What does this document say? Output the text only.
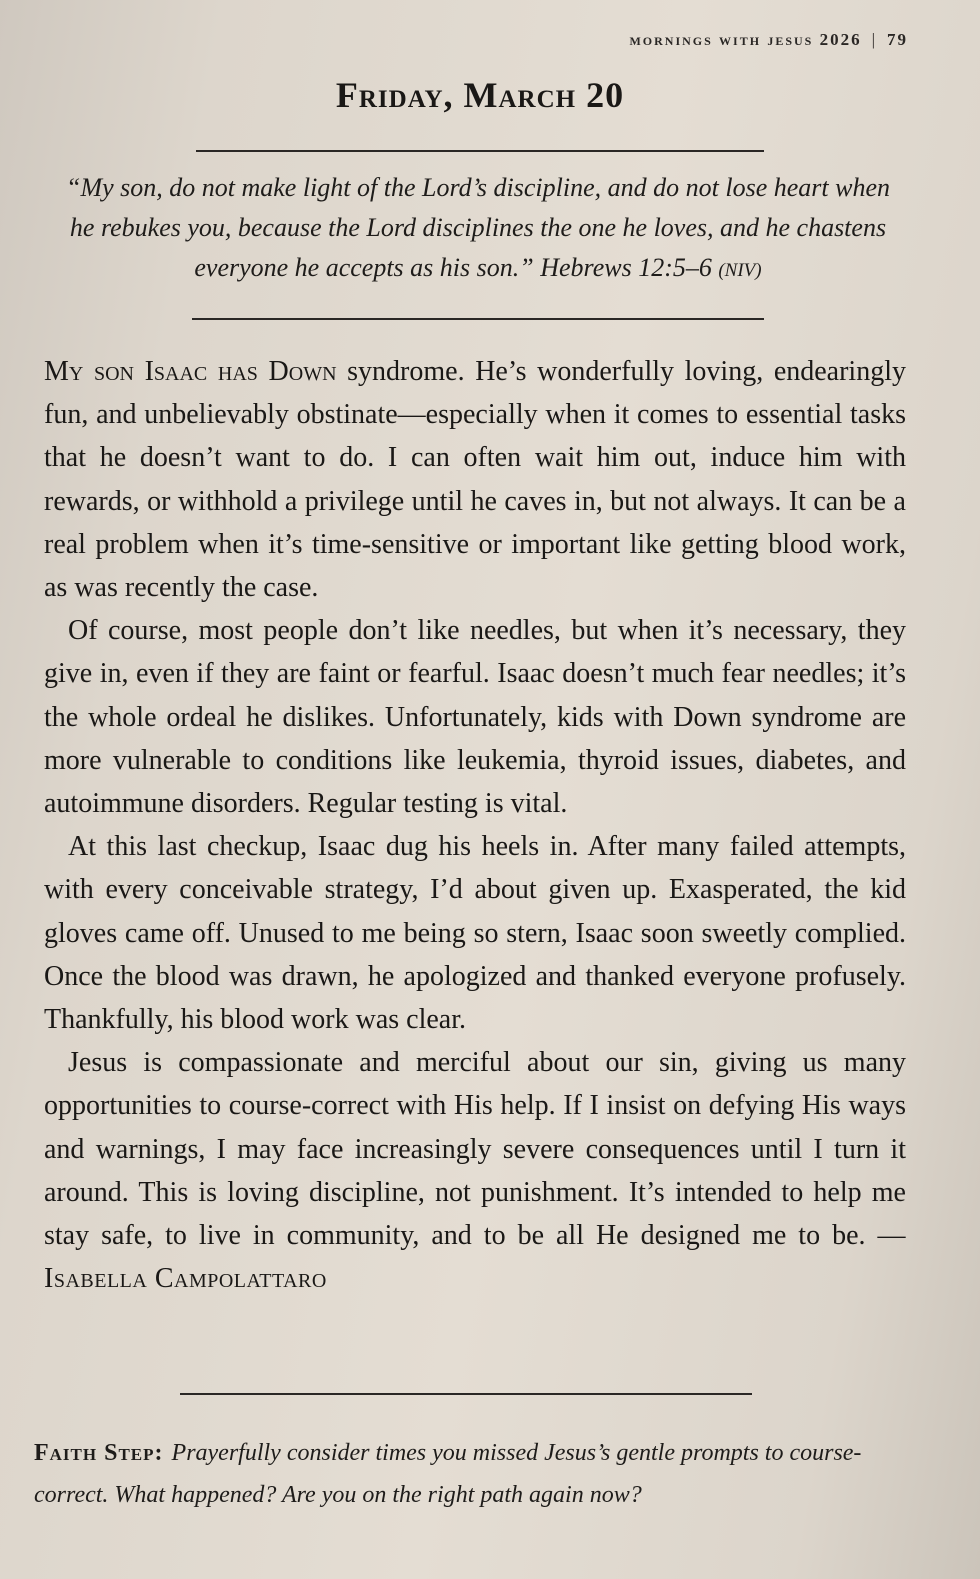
mornings with jesus 2026 | 79
Friday, March 20
“My son, do not make light of the Lord’s discipline, and do not lose heart when he rebukes you, because the Lord disciplines the one he loves, and he chastens everyone he accepts as his son.” Hebrews 12:5–6 (NIV)

My son Isaac has Down syndrome. He’s wonderfully loving, endearingly fun, and unbelievably obstinate—especially when it comes to essential tasks that he doesn’t want to do. I can often wait him out, induce him with rewards, or withhold a privilege until he caves in, but not always. It can be a real problem when it’s time-sensitive or important like getting blood work, as was recently the case.

Of course, most people don’t like needles, but when it’s necessary, they give in, even if they are faint or fearful. Isaac doesn’t much fear needles; it’s the whole ordeal he dislikes. Unfortunately, kids with Down syndrome are more vulnerable to conditions like leukemia, thyroid issues, diabetes, and autoimmune disorders. Regular testing is vital.

At this last checkup, Isaac dug his heels in. After many failed attempts, with every conceivable strategy, I’d about given up. Exasperated, the kid gloves came off. Unused to me being so stern, Isaac soon sweetly complied. Once the blood was drawn, he apologized and thanked everyone profusely. Thankfully, his blood work was clear.

Jesus is compassionate and merciful about our sin, giving us many opportunities to course-correct with His help. If I insist on defying His ways and warnings, I may face increasingly severe consequences until I turn it around. This is loving discipline, not punishment. It’s intended to help me stay safe, to live in community, and to be all He designed me to be. —Isabella Campolattaro

Faith Step: Prayerfully consider times you missed Jesus’s gentle prompts to course-correct. What happened? Are you on the right path again now?
